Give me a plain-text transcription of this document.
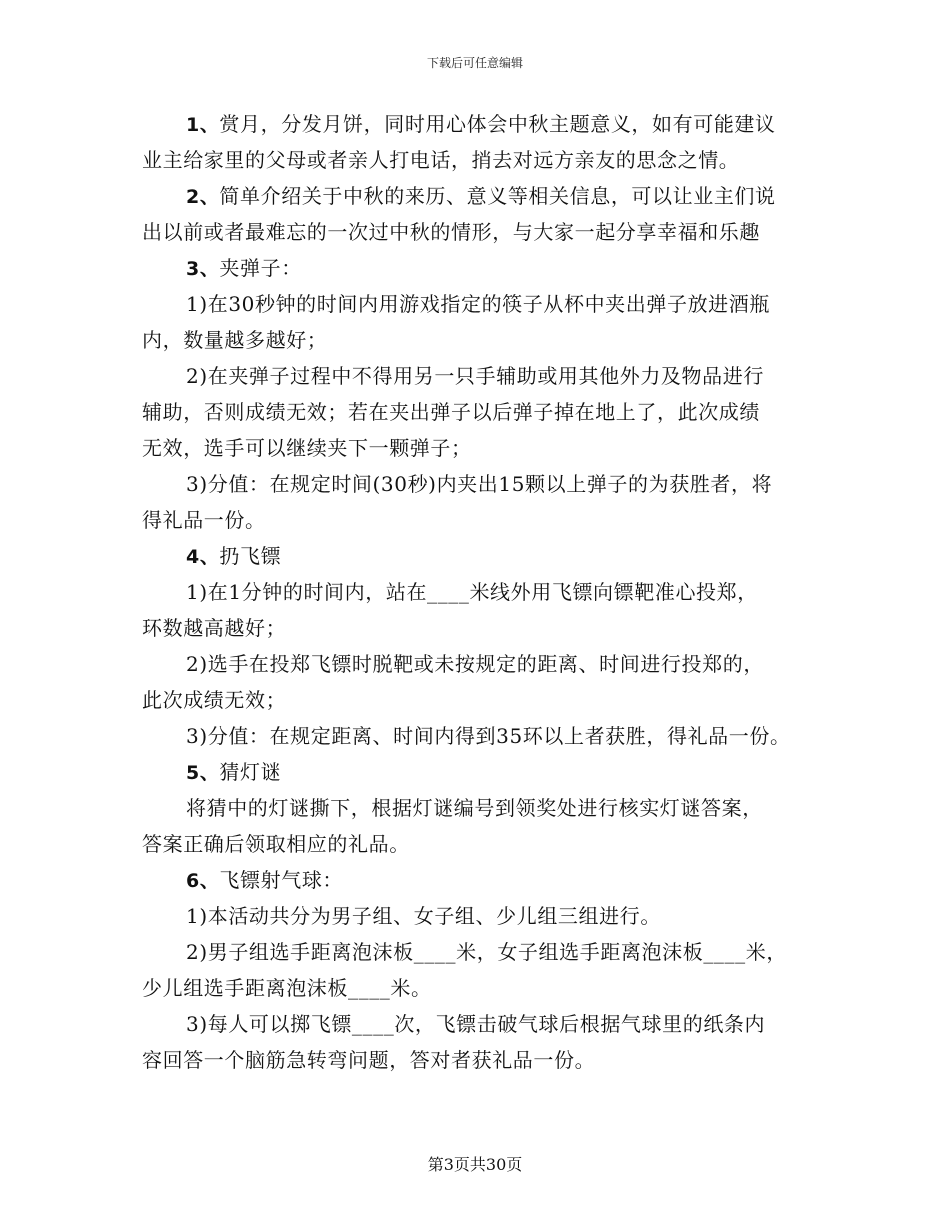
下载后可任意编辑
1、赏月，分发月饼，同时用心体会中秋主题意义，如有可能建议
业主给家里的父母或者亲人打电话，捎去对远方亲友的思念之情。
2、简单介绍关于中秋的来历、意义等相关信息，可以让业主们说
出以前或者最难忘的一次过中秋的情形，与大家一起分享幸福和乐趣
3、夹弹子：
1)在30秒钟的时间内用游戏指定的筷子从杯中夹出弹子放进酒瓶
内，数量越多越好；
2)在夹弹子过程中不得用另一只手辅助或用其他外力及物品进行
辅助，否则成绩无效；若在夹出弹子以后弹子掉在地上了，此次成绩
无效，选手可以继续夹下一颗弹子；
3)分值：在规定时间(30秒)内夹出15颗以上弹子的为获胜者，将
得礼品一份。
4、扔飞镖
1)在1分钟的时间内，站在____米线外用飞镖向镖靶准心投郑，
环数越高越好；
2)选手在投郑飞镖时脱靶或未按规定的距离、时间进行投郑的，
此次成绩无效；
3)分值：在规定距离、时间内得到35环以上者获胜，得礼品一份。
5、猜灯谜
将猜中的灯谜撕下，根据灯谜编号到领奖处进行核实灯谜答案，
答案正确后领取相应的礼品。
6、飞镖射气球：
1)本活动共分为男子组、女子组、少儿组三组进行。
2)男子组选手距离泡沫板____米，女子组选手距离泡沫板____米，
少儿组选手距离泡沫板____米。
3)每人可以掷飞镖____次，飞镖击破气球后根据气球里的纸条内
容回答一个脑筋急转弯问题，答对者获礼品一份。
第3页共30页
